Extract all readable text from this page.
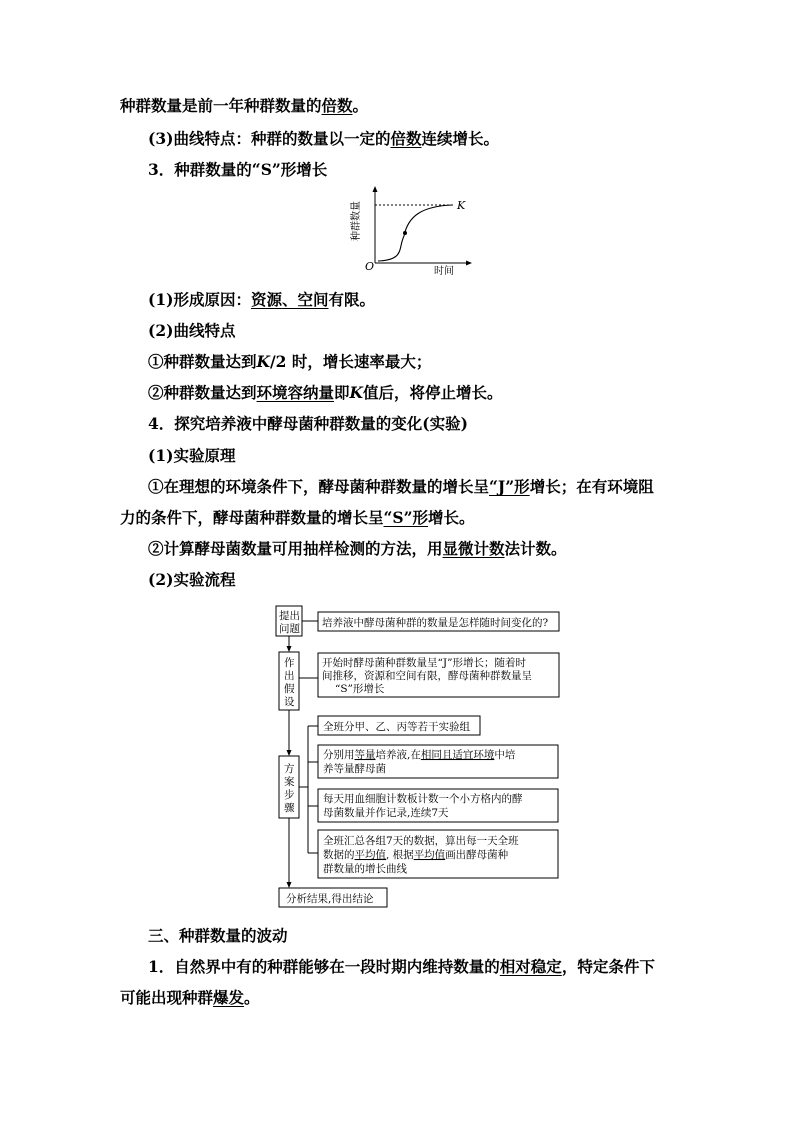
种群数量是前一年种群数量的倍数。
(3)曲线特点：种群的数量以一定的倍数连续增长。
3．种群数量的“S”形增长
K
O	时间
种群数量
(1)形成原因：资源、空间有限。
(2)曲线特点
①种群数量达到K/2 时，增长速率最大；
②种群数量达到环境容纳量即K值后，将停止增长。
4．探究培养液中酵母菌种群数量的变化(实验)
(1)实验原理
①在理想的环境条件下，酵母菌种群数量的增长呈“J”形增长；在有环境阻
力的条件下，酵母菌种群数量的增长呈“S”形增长。
②计算酵母菌数量可用抽样检测的方法，用显微计数法计数。
(2)实验流程
提出
问题
作
出
假
设
方
案
步
骤
分析结果,得出结论
培养液中酵母菌种群的数量是怎样随时间变化的?
开始时酵母菌种群数量呈“J”形增长；随着时
间推移，资源和空间有限，酵母菌种群数量呈
“S”形增长
全班分甲、乙、丙等若干实验组
分别用等量培养液,在相同且适宜环境中培
养等量酵母菌
每天用血细胞计数板计数一个小方格内的酵
母菌数量并作记录,连续7天
全班汇总各组7天的数据，算出每一天全班
数据的平均值, 根据平均值画出酵母菌种
群数量的增长曲线
三、种群数量的波动
1．自然界中有的种群能够在一段时期内维持数量的相对稳定，特定条件下
可能出现种群爆发。
